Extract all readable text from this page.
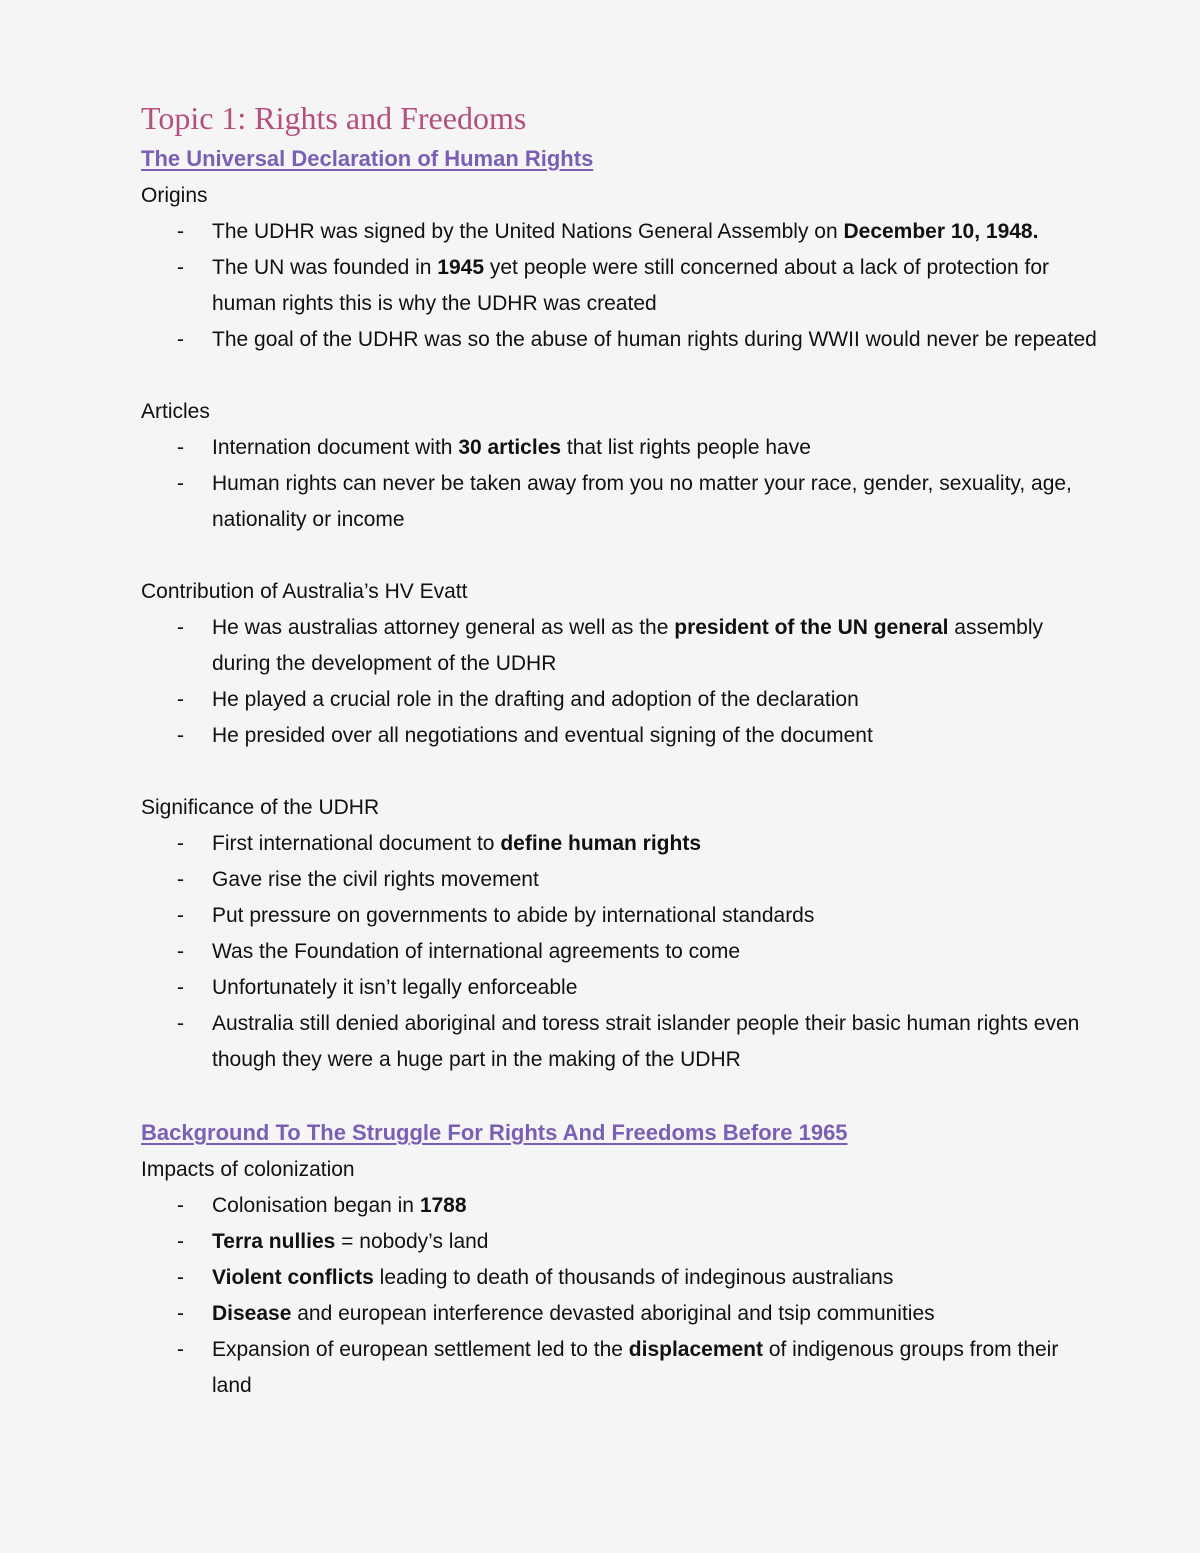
Topic 1: Rights and Freedoms
The Universal Declaration of Human Rights

Origins

- The UDHR was signed by the United Nations General Assembly on December 10, 1948.
- The UN was founded in 1945 yet people were still concerned about a lack of protection for human rights this is why the UDHR was created
- The goal of the UDHR was so the abuse of human rights during WWII would never be repeated

Articles

- Internation document with 30 articles that list rights people have
- Human rights can never be taken away from you no matter your race, gender, sexuality, age, nationality or income

Contribution of Australia’s HV Evatt

- He was australias attorney general as well as the president of the UN general assembly during the development of the UDHR
- He played a crucial role in the drafting and adoption of the declaration
- He presided over all negotiations and eventual signing of the document

Significance of the UDHR

- First international document to define human rights
- Gave rise the civil rights movement
- Put pressure on governments to abide by international standards
- Was the Foundation of international agreements to come
- Unfortunately it isn’t legally enforceable
- Australia still denied aboriginal and toress strait islander people their basic human rights even though they were a huge part in the making of the UDHR
Background To The Struggle For Rights And Freedoms Before 1965

Impacts of colonization

- Colonisation began in 1788
- Terra nullies = nobody’s land
- Violent conflicts leading to death of thousands of indeginous australians
- Disease and european interference devasted aboriginal and tsip communities
- Expansion of european settlement led to the displacement of indigenous groups from their land
